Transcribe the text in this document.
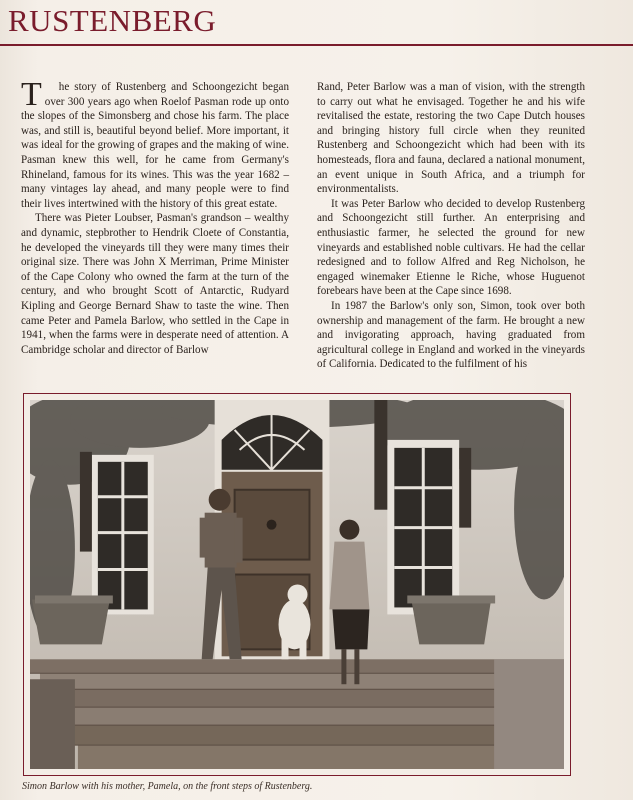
RUSTENBERG

T he story of Rustenberg and Schoongezicht began over 300 years ago when Roelof Pasman rode up onto the slopes of the Simonsberg and chose his farm. The place was, and still is, beautiful beyond belief. More important, it was ideal for the growing of grapes and the making of wine. Pasman knew this well, for he came from Germany's Rhineland, famous for its wines. This was the year 1682 – many vintages lay ahead, and many people were to find their lives intertwined with the history of this great estate.

There was Pieter Loubser, Pasman's grandson – wealthy and dynamic, stepbrother to Hendrik Cloete of Constantia, he developed the vineyards till they were many times their original size. There was John X Merriman, Prime Minister of the Cape Colony who owned the farm at the turn of the century, and who brought Scott of Antarctic, Rudyard Kipling and George Bernard Shaw to taste the wine. Then came Peter and Pamela Barlow, who settled in the Cape in 1941, when the farms were in desperate need of attention. A Cambridge scholar and director of Barlow

Rand, Peter Barlow was a man of vision, with the strength to carry out what he envisaged. Together he and his wife revitalised the estate, restoring the two Cape Dutch houses and bringing history full circle when they reunited Rustenberg and Schoongezicht which had been with its homesteads, flora and fauna, declared a national monument, an event unique in South Africa, and a triumph for environmentalists.

It was Peter Barlow who decided to develop Rustenberg and Schoongezicht still further. An enterprising and enthusiastic farmer, he selected the ground for new vineyards and established noble cultivars. He had the cellar redesigned and to follow Alfred and Reg Nicholson, he engaged winemaker Etienne le Riche, whose Huguenot forebears have been at the Cape since 1698.

In 1987 the Barlow's only son, Simon, took over both ownership and management of the farm. He brought a new and invigorating approach, having graduated from agricultural college in England and worked in the vineyards of California. Dedicated to the fulfilment of his

Simon Barlow with his mother, Pamela, on the front steps of Rustenberg.
